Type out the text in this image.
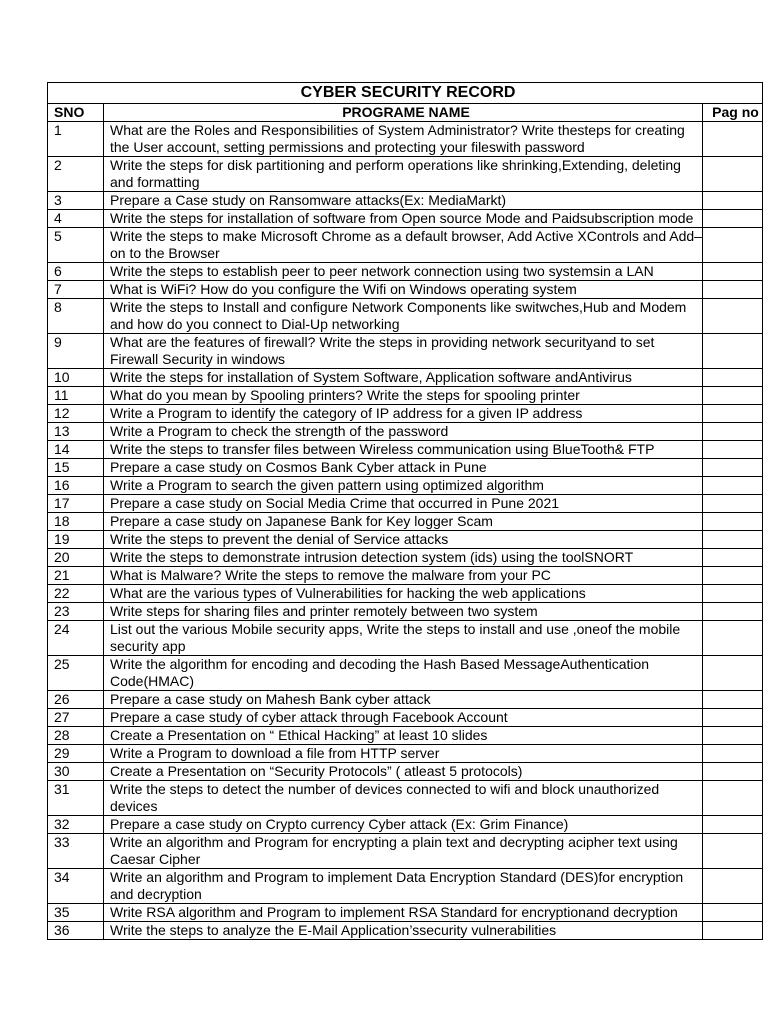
CYBER SECURITY RECORD		
SNO	PROGRAME NAME	Pag no
1	What are the Roles and Responsibilities of System Administrator? Write thesteps for creating the User account, setting permissions and protecting your fileswith password	

2	Write the steps for disk partitioning and perform operations like shrinking,Extending, deleting and formatting	

3	Prepare a Case study on Ransomware attacks(Ex: MediaMarkt)	

4	Write the steps for installation of software from Open source Mode and Paidsubscription mode	

5	Write the steps to make Microsoft Chrome as a default browser, Add Active XControls and Add–on to the Browser	

6	Write the steps to establish peer to peer network connection using two systemsin a LAN	

7	What is WiFi? How do you configure the Wifi on Windows operating system	

8	Write the steps to Install and configure Network Components like switwches,Hub and Modem and how do you connect to Dial-Up networking	

9	What are the features of firewall? Write the steps in providing network securityand to set Firewall Security in windows	

10	Write the steps for installation of System Software, Application software andAntivirus	

11	What do you mean by Spooling printers? Write the steps for spooling printer	

12	Write a Program to identify the category of IP address for a given IP address	

13	Write a Program to check the strength of the password	

14	Write the steps to transfer files between Wireless communication using BlueTooth& FTP	

15	Prepare a case study on Cosmos Bank Cyber attack in Pune	

16	Write a Program to search the given pattern using optimized algorithm	

17	Prepare a case study on Social Media Crime that occurred in Pune 2021	

18	Prepare a case study on Japanese Bank for Key logger Scam	

19	Write the steps to prevent the denial of Service attacks	

20	Write the steps to demonstrate intrusion detection system (ids) using the toolSNORT	

21	What is Malware? Write the steps to remove the malware from your PC	

22	What are the various types of Vulnerabilities for hacking the web applications	

23	Write steps for sharing files and printer remotely between two system	

24	List out the various Mobile security apps, Write the steps to install and use ,oneof the mobile security app	

25	Write the algorithm for encoding and decoding the Hash Based MessageAuthentication Code(HMAC)	

26	Prepare a case study on Mahesh Bank cyber attack	

27	Prepare a case study of cyber attack through Facebook Account	

28	Create a Presentation on “ Ethical Hacking” at least 10 slides	

29	Write a Program to download a file from HTTP server	

30	Create a Presentation on “Security Protocols” ( atleast 5 protocols)	

31	Write the steps to detect the number of devices connected to wifi and block unauthorized devices	

32	Prepare a case study on Crypto currency Cyber attack (Ex: Grim Finance)	

33	Write an algorithm and Program for encrypting a plain text and decrypting acipher text using Caesar Cipher	

34	Write an algorithm and Program to implement Data Encryption Standard (DES)for encryption and decryption	

35	Write RSA algorithm and Program to implement RSA Standard for encryptionand decryption	

36	Write the steps to analyze the E-Mail Application’ssecurity vulnerabilities	
